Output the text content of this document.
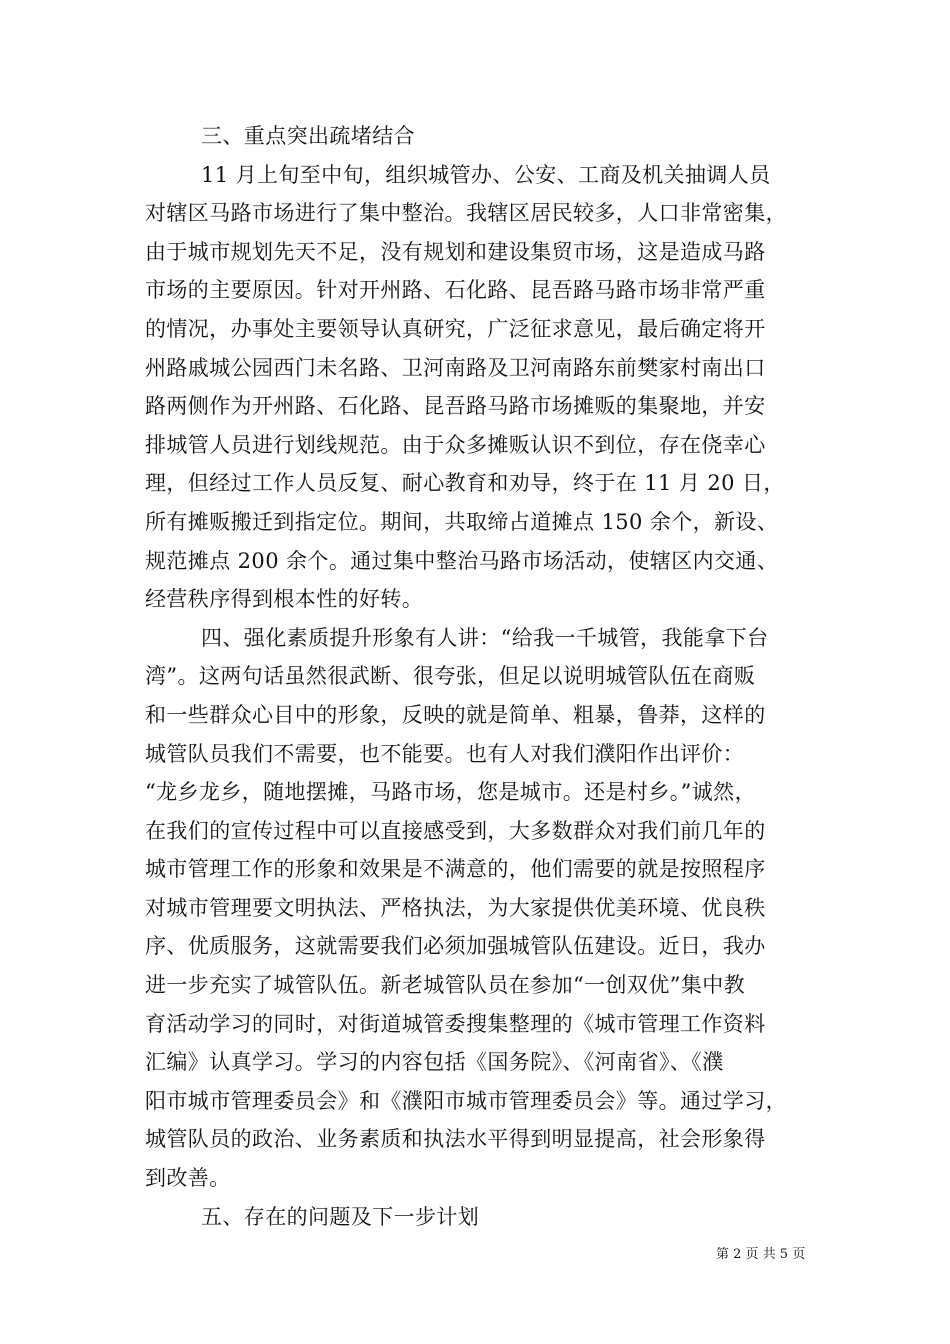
三、重点突出疏堵结合
11 月上旬至中旬，组织城管办、公安、工商及机关抽调人员
对辖区马路市场进行了集中整治。我辖区居民较多，人口非常密集，
由于城市规划先天不足，没有规划和建设集贸市场，这是造成马路
市场的主要原因。针对开州路、石化路、昆吾路马路市场非常严重
的情况，办事处主要领导认真研究，广泛征求意见，最后确定将开
州路戚城公园西门未名路、卫河南路及卫河南路东前樊家村南出口
路两侧作为开州路、石化路、昆吾路马路市场摊贩的集聚地，并安
排城管人员进行划线规范。由于众多摊贩认识不到位，存在侥幸心
理，但经过工作人员反复、耐心教育和劝导，终于在 11 月 20 日，
所有摊贩搬迁到指定位。期间，共取缔占道摊点 150 余个，新设、
规范摊点 200 余个。通过集中整治马路市场活动，使辖区内交通、
经营秩序得到根本性的好转。
四、强化素质提升形象有人讲：“给我一千城管，我能拿下台
湾”。这两句话虽然很武断、很夸张，但足以说明城管队伍在商贩
和一些群众心目中的形象，反映的就是简单、粗暴，鲁莽，这样的
城管队员我们不需要，也不能要。也有人对我们濮阳作出评价：
“龙乡龙乡，随地摆摊，马路市场，您是城市。还是村乡。”诚然，
在我们的宣传过程中可以直接感受到，大多数群众对我们前几年的
城市管理工作的形象和效果是不满意的，他们需要的就是按照程序
对城市管理要文明执法、严格执法，为大家提供优美环境、优良秩
序、优质服务，这就需要我们必须加强城管队伍建设。近日，我办
进一步充实了城管队伍。新老城管队员在参加“一创双优”集中教
育活动学习的同时，对街道城管委搜集整理的《城市管理工作资料
汇编》认真学习。学习的内容包括《国务院》、《河南省》、《濮
阳市城市管理委员会》和《濮阳市城市管理委员会》等。通过学习，
城管队员的政治、业务素质和执法水平得到明显提高，社会形象得
到改善。
五、存在的问题及下一步计划
第 2 页 共 5 页
